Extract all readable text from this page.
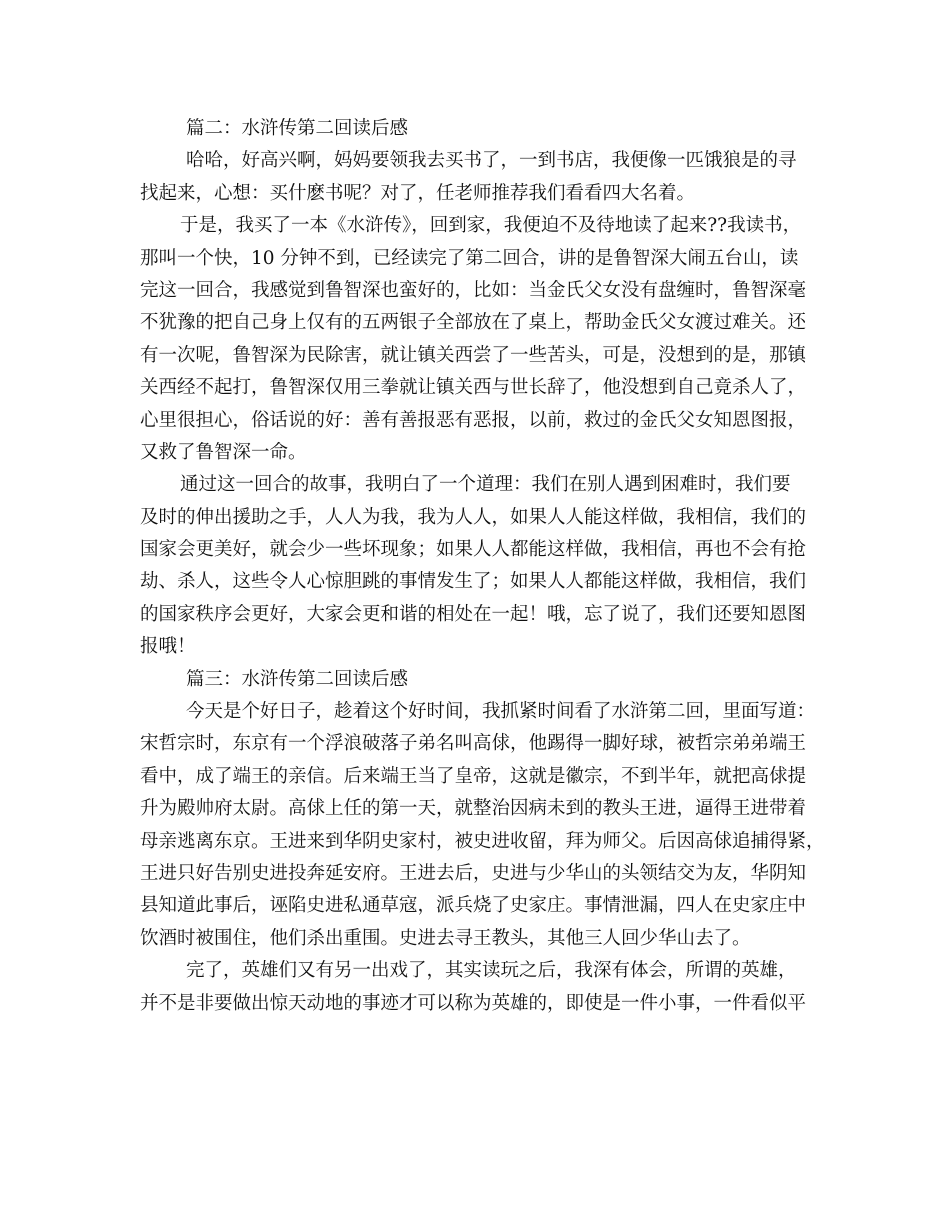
篇二：水浒传第二回读后感
哈哈，好高兴啊，妈妈要领我去买书了，一到书店，我便像一匹饿狼是的寻
找起来，心想：买什麽书呢？对了，任老师推荐我们看看四大名着。
于是，我买了一本《水浒传》，回到家，我便迫不及待地读了起来??我读书，
那叫一个快，10 分钟不到，已经读完了第二回合，讲的是鲁智深大闹五台山，读
完这一回合，我感觉到鲁智深也蛮好的，比如：当金氏父女没有盘缠时，鲁智深毫
不犹豫的把自己身上仅有的五两银子全部放在了桌上，帮助金氏父女渡过难关。还
有一次呢，鲁智深为民除害，就让镇关西尝了一些苦头，可是，没想到的是，那镇
关西经不起打，鲁智深仅用三拳就让镇关西与世长辞了，他没想到自己竟杀人了，
心里很担心，俗话说的好：善有善报恶有恶报，以前，救过的金氏父女知恩图报，
又救了鲁智深一命。
通过这一回合的故事，我明白了一个道理：我们在别人遇到困难时，我们要
及时的伸出援助之手，人人为我，我为人人，如果人人能这样做，我相信，我们的
国家会更美好，就会少一些坏现象；如果人人都能这样做，我相信，再也不会有抢
劫、杀人，这些令人心惊胆跳的事情发生了；如果人人都能这样做，我相信，我们
的国家秩序会更好，大家会更和谐的相处在一起！哦，忘了说了，我们还要知恩图
报哦！
篇三：水浒传第二回读后感
今天是个好日子，趁着这个好时间，我抓紧时间看了水浒第二回，里面写道：
宋哲宗时，东京有一个浮浪破落子弟名叫高俅，他踢得一脚好球，被哲宗弟弟端王
看中，成了端王的亲信。后来端王当了皇帝，这就是徽宗，不到半年，就把高俅提
升为殿帅府太尉。高俅上任的第一天，就整治因病未到的教头王进，逼得王进带着
母亲逃离东京。王进来到华阴史家村，被史进收留，拜为师父。后因高俅追捕得紧，
王进只好告别史进投奔延安府。王进去后，史进与少华山的头领结交为友，华阴知
县知道此事后，诬陷史进私通草寇，派兵烧了史家庄。事情泄漏，四人在史家庄中
饮酒时被围住，他们杀出重围。史进去寻王教头，其他三人回少华山去了。
完了，英雄们又有另一出戏了，其实读玩之后，我深有体会，所谓的英雄，
并不是非要做出惊天动地的事迹才可以称为英雄的，即使是一件小事，一件看似平
